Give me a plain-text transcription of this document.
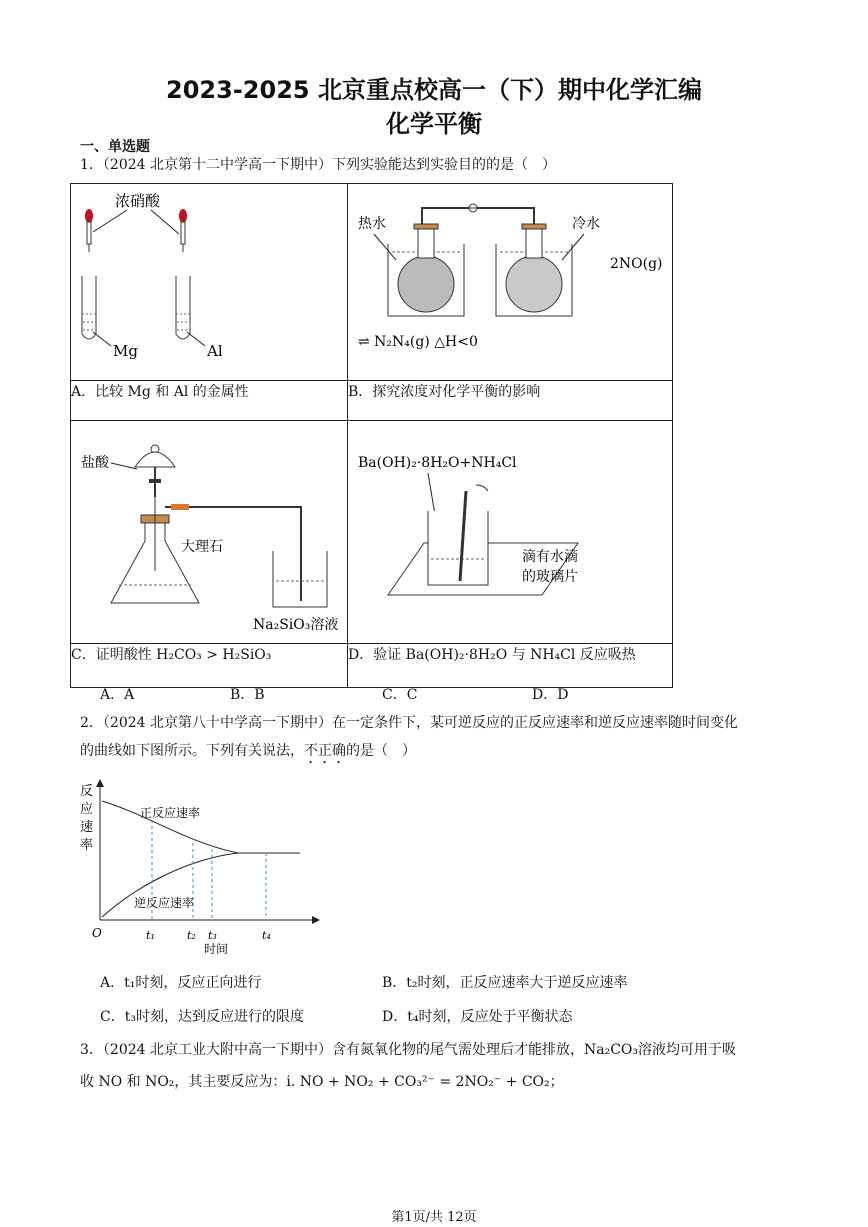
2023-2025 北京重点校高一（下）期中化学汇编
化学平衡
一、单选题
1．（2024 北京第十二中学高一下期中）下列实验能达到实验目的的是（　）
浓硝酸
Mg Al	热水 冷水
2NO(g)
⇌ N₂N₄(g) △H<0

A．比较 Mg 和 Al 的金属性	B．探究浓度对化学平衡的影响

盐酸
大理石
Na₂SiO₃溶液	Ba(OH)₂·8H₂O+NH₄Cl
滴有水滴
的玻璃片

C．证明酸性 H₂CO₃ > H₂SiO₃	D．验证 Ba(OH)₂·8H₂O 与 NH₄Cl 反应吸热
A．A	B．B	C．C	D．D
2．（2024 北京第八十中学高一下期中）在一定条件下，某可逆反应的正反应速率和逆反应速率随时间变化
的曲线如下图所示。下列有关说法，不正确的是（　）
反
应
速
率
正反应速率
逆反应速率
O	t₁	t₂ t₃	t₄
时间
A．t₁时刻，反应正向进行	B．t₂时刻，正反应速率大于逆反应速率
C．t₃时刻，达到反应进行的限度	D．t₄时刻，反应处于平衡状态
3．（2024 北京工业大附中高一下期中）含有氮氧化物的尾气需处理后才能排放，Na₂CO₃溶液均可用于吸
收 NO 和 NO₂，其主要反应为：i. NO + NO₂ + CO₃²⁻ = 2NO₂⁻ + CO₂；
第1页/共 12页
